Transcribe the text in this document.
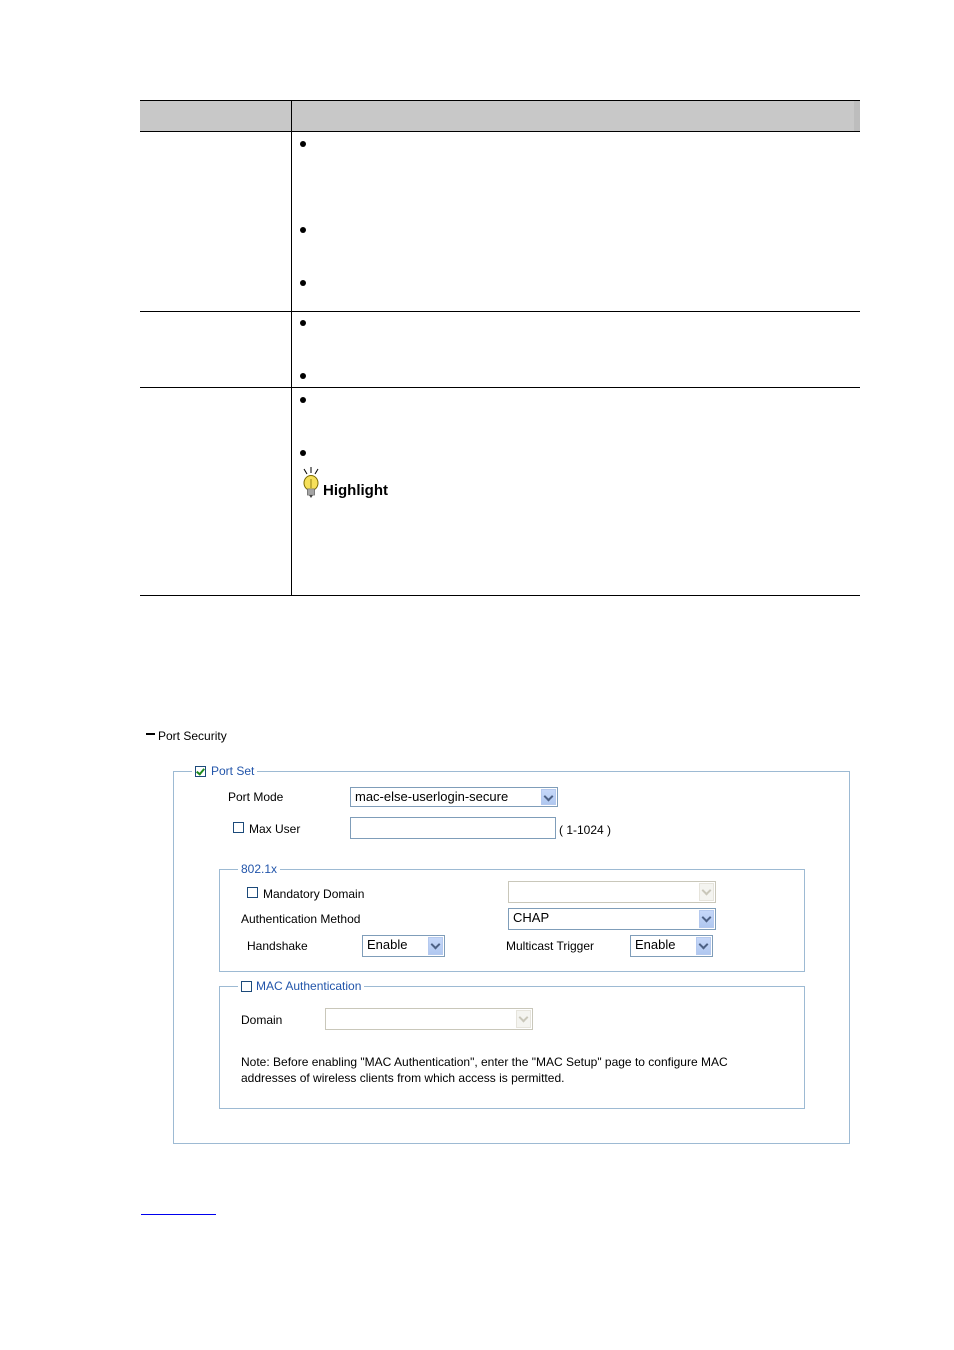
Highlight
Port Security
Port Set
Port Mode	mac-else-userlogin-secure
Max User	( 1-1024 )
802.1x
Mandatory Domain
Authentication Method	CHAP
Handshake	Enable	Multicast Trigger	Enable
MAC Authentication
Domain
Note: Before enabling "MAC Authentication", enter the "MAC Setup" page to configure MAC
addresses of wireless clients from which access is permitted.
